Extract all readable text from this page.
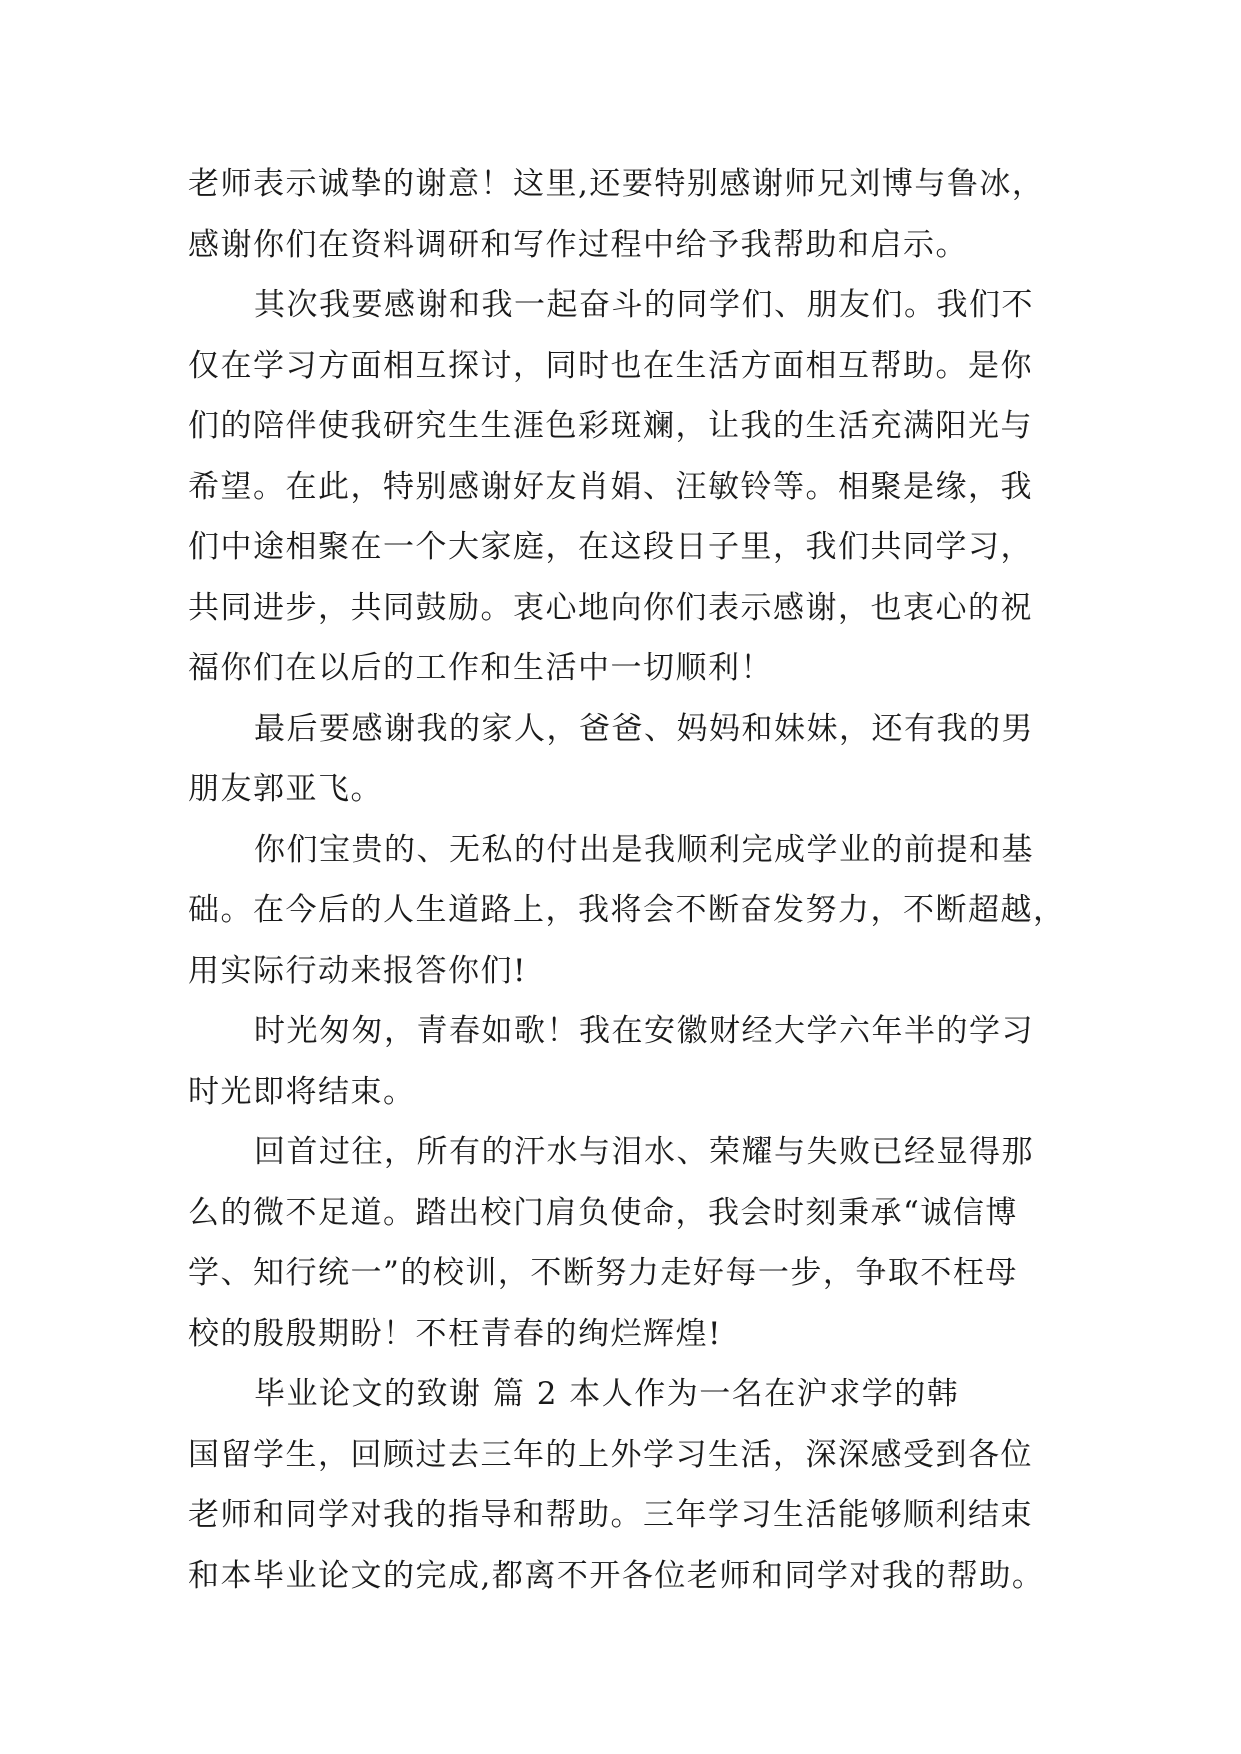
老师表示诚挚的谢意！这里,还要特别感谢师兄刘博与鲁冰，
感谢你们在资料调研和写作过程中给予我帮助和启示。
其次我要感谢和我一起奋斗的同学们、朋友们。我们不
仅在学习方面相互探讨，同时也在生活方面相互帮助。是你
们的陪伴使我研究生生涯色彩斑斓，让我的生活充满阳光与
希望。在此，特别感谢好友肖娟、汪敏铃等。相聚是缘，我
们中途相聚在一个大家庭，在这段日子里，我们共同学习，
共同进步，共同鼓励。衷心地向你们表示感谢，也衷心的祝
福你们在以后的工作和生活中一切顺利！
最后要感谢我的家人，爸爸、妈妈和妹妹，还有我的男
朋友郭亚飞。
你们宝贵的、无私的付出是我顺利完成学业的前提和基
础。在今后的人生道路上，我将会不断奋发努力，不断超越，
用实际行动来报答你们!
时光匆匆，青春如歌！我在安徽财经大学六年半的学习
时光即将结束。
回首过往，所有的汗水与泪水、荣耀与失败已经显得那
么的微不足道。踏出校门肩负使命，我会时刻秉承“诚信博
学、知行统一”的校训，不断努力走好每一步，争取不枉母
校的殷殷期盼！不枉青春的绚烂辉煌!
毕业论文的致谢 篇 2 本人作为一名在沪求学的韩
国留学生，回顾过去三年的上外学习生活，深深感受到各位
老师和同学对我的指导和帮助。三年学习生活能够顺利结束
和本毕业论文的完成,都离不开各位老师和同学对我的帮助。
